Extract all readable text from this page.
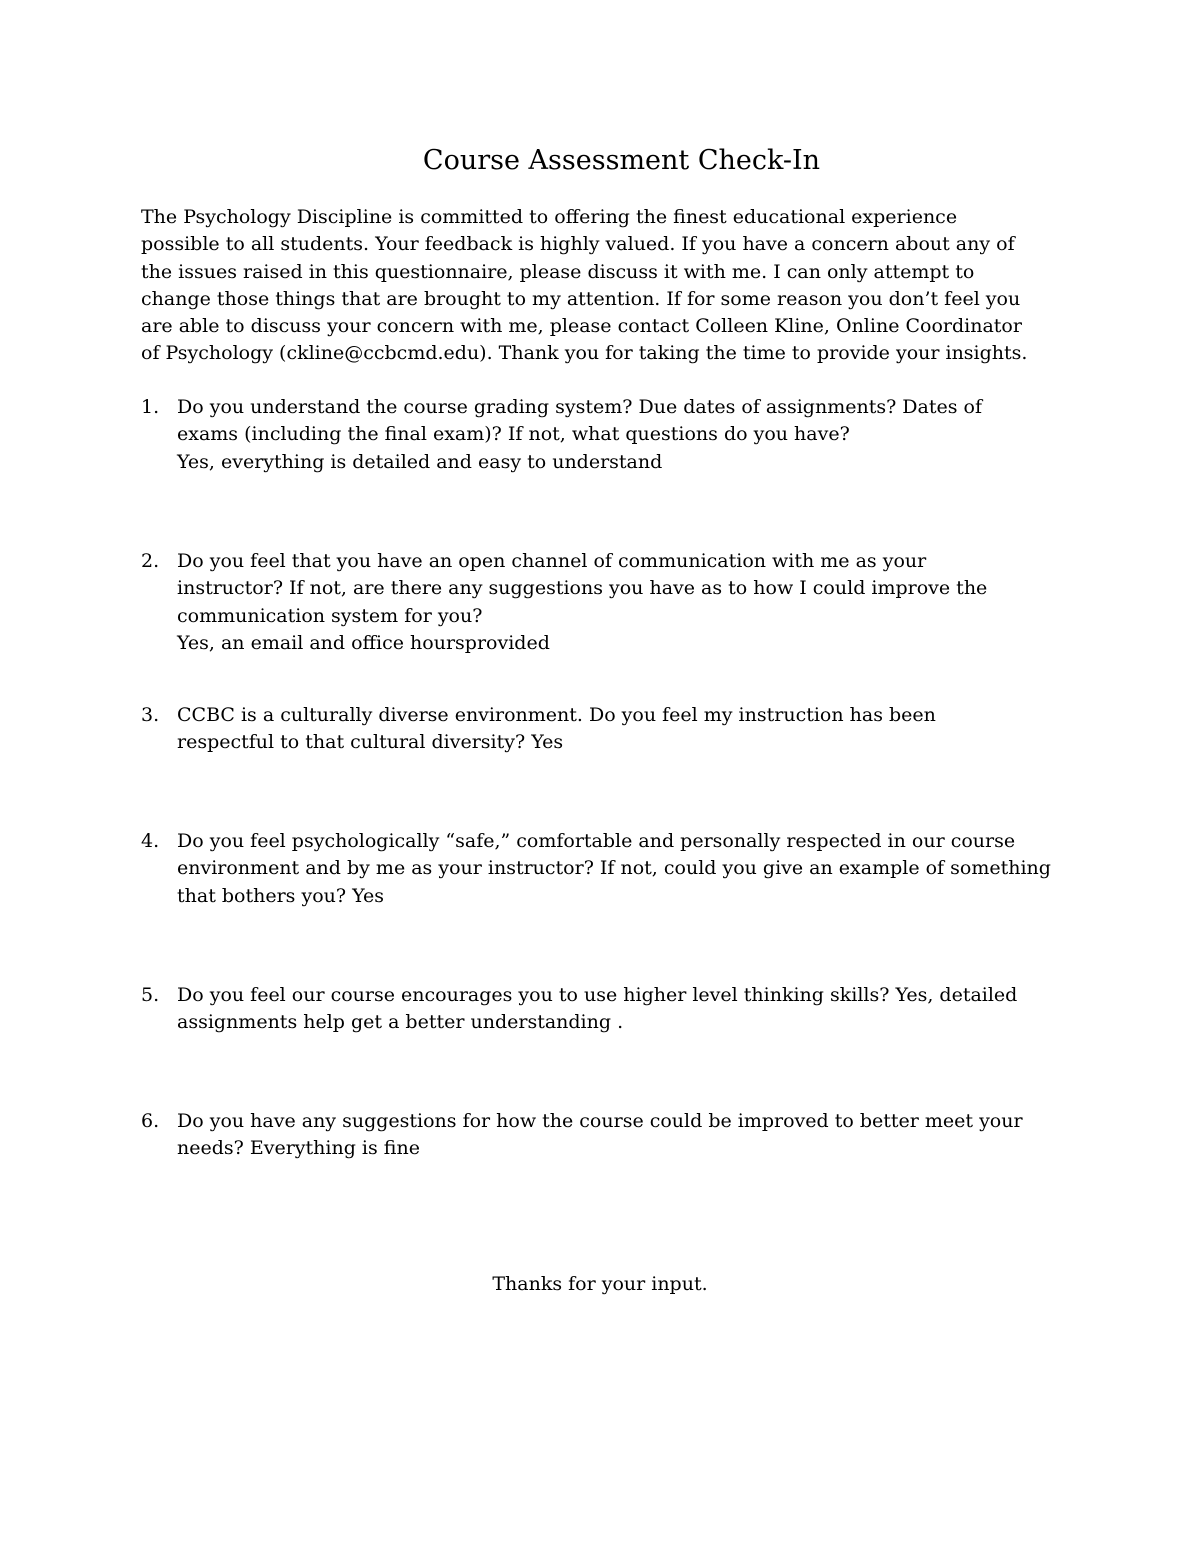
Course Assessment Check-In
The Psychology Discipline is committed to offering the finest educational experience
possible to all students. Your feedback is highly valued. If you have a concern about any of
the issues raised in this questionnaire, please discuss it with me. I can only attempt to
change those things that are brought to my attention. If for some reason you don’t feel you
are able to discuss your concern with me, please contact Colleen Kline, Online Coordinator
of Psychology (ckline@ccbcmd.edu). Thank you for taking the time to provide your insights.
1. Do you understand the course grading system? Due dates of assignments? Dates of
exams (including the final exam)? If not, what questions do you have?
Yes, everything is detailed and easy to understand
2. Do you feel that you have an open channel of communication with me as your
instructor? If not, are there any suggestions you have as to how I could improve the
communication system for you?
Yes, an email and office hoursprovided
3. CCBC is a culturally diverse environment. Do you feel my instruction has been
respectful to that cultural diversity? Yes
4. Do you feel psychologically “safe,” comfortable and personally respected in our course
environment and by me as your instructor? If not, could you give an example of something
that bothers you? Yes
5. Do you feel our course encourages you to use higher level thinking skills? Yes, detailed
assignments help get a better understanding .
6. Do you have any suggestions for how the course could be improved to better meet your
needs? Everything is fine
Thanks for your input.
